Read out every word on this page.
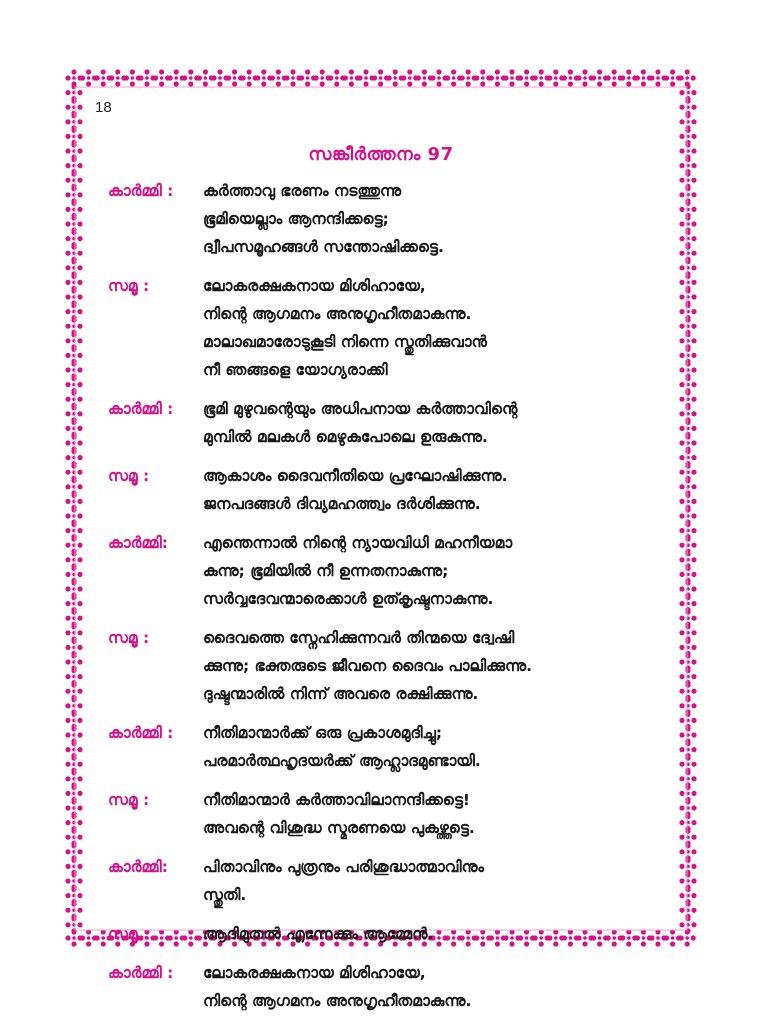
18
സങ്കീർത്തനം 97
കാർമ്മി :	കർത്താവു ഭരണം നടത്തുന്നു
ഭൂമിയെല്ലാം ആനന്ദിക്കട്ടെ;
ദ്വീപസമൂഹങ്ങൾ സന്തോഷിക്കട്ടെ.
സമൂ :	ലോകരക്ഷകനായ മിശിഹായേ,
നിന്റെ ആഗമനം അനുഗൃഹീതമാകുന്നു.
മാലാഖമാരോടുകൂടി നിന്നെ സ്തുതിക്കുവാൻ
നീ ഞങ്ങളെ യോഗ്യരാക്കി
കാർമ്മി :	ഭൂമി മുഴുവന്റെയും അധിപനായ കർത്താവിന്റെ
മുമ്പിൽ മലകൾ മെഴുകുപോലെ ഉരുകുന്നു.
സമൂ :	ആകാശം ദൈവനീതിയെ പ്രഘോഷിക്കുന്നു.
ജനപദങ്ങൾ ദിവ്യമഹത്ത്വം ദർശിക്കുന്നു.
കാർമ്മി:	എന്തെന്നാൽ നിന്റെ ന്യായവിധി മഹനീയമാ
കുന്നു; ഭൂമിയിൽ നീ ഉന്നതനാകുന്നു;
സർവ്വദേവന്മാരെക്കാൾ ഉത്കൃഷ്ടനാകുന്നു.
സമൂ :	ദൈവത്തെ സ്നേഹിക്കുന്നവർ തിന്മയെ ദ്വേഷി
ക്കുന്നു; ഭക്തരുടെ ജീവനെ ദൈവം പാലിക്കുന്നു.
ദുഷ്ടന്മാരിൽ നിന്ന് അവരെ രക്ഷിക്കുന്നു.
കാർമ്മി :	നീതിമാന്മാർക്ക് ഒരു പ്രകാശമുദിച്ചു;
പരമാർത്ഥഹൃദയർക്ക് ആഹ്ലാദമുണ്ടായി.
സമൂ :	നീതിമാന്മാർ കർത്താവിലാനന്ദിക്കട്ടെ!
അവന്റെ വിശുദ്ധ സ്മരണയെ പുകഴ്ത്തട്ടെ.
കാർമ്മി:	പിതാവിനും പുത്രനും പരിശുദ്ധാത്മാവിനും
സ്തുതി.
സമൂ :	ആദിമുതൽ എന്നേക്കും ആമ്മേൻ.
കാർമ്മി :	ലോകരക്ഷകനായ മിശിഹായേ,
നിന്റെ ആഗമനം അനുഗൃഹീതമാകുന്നു.
